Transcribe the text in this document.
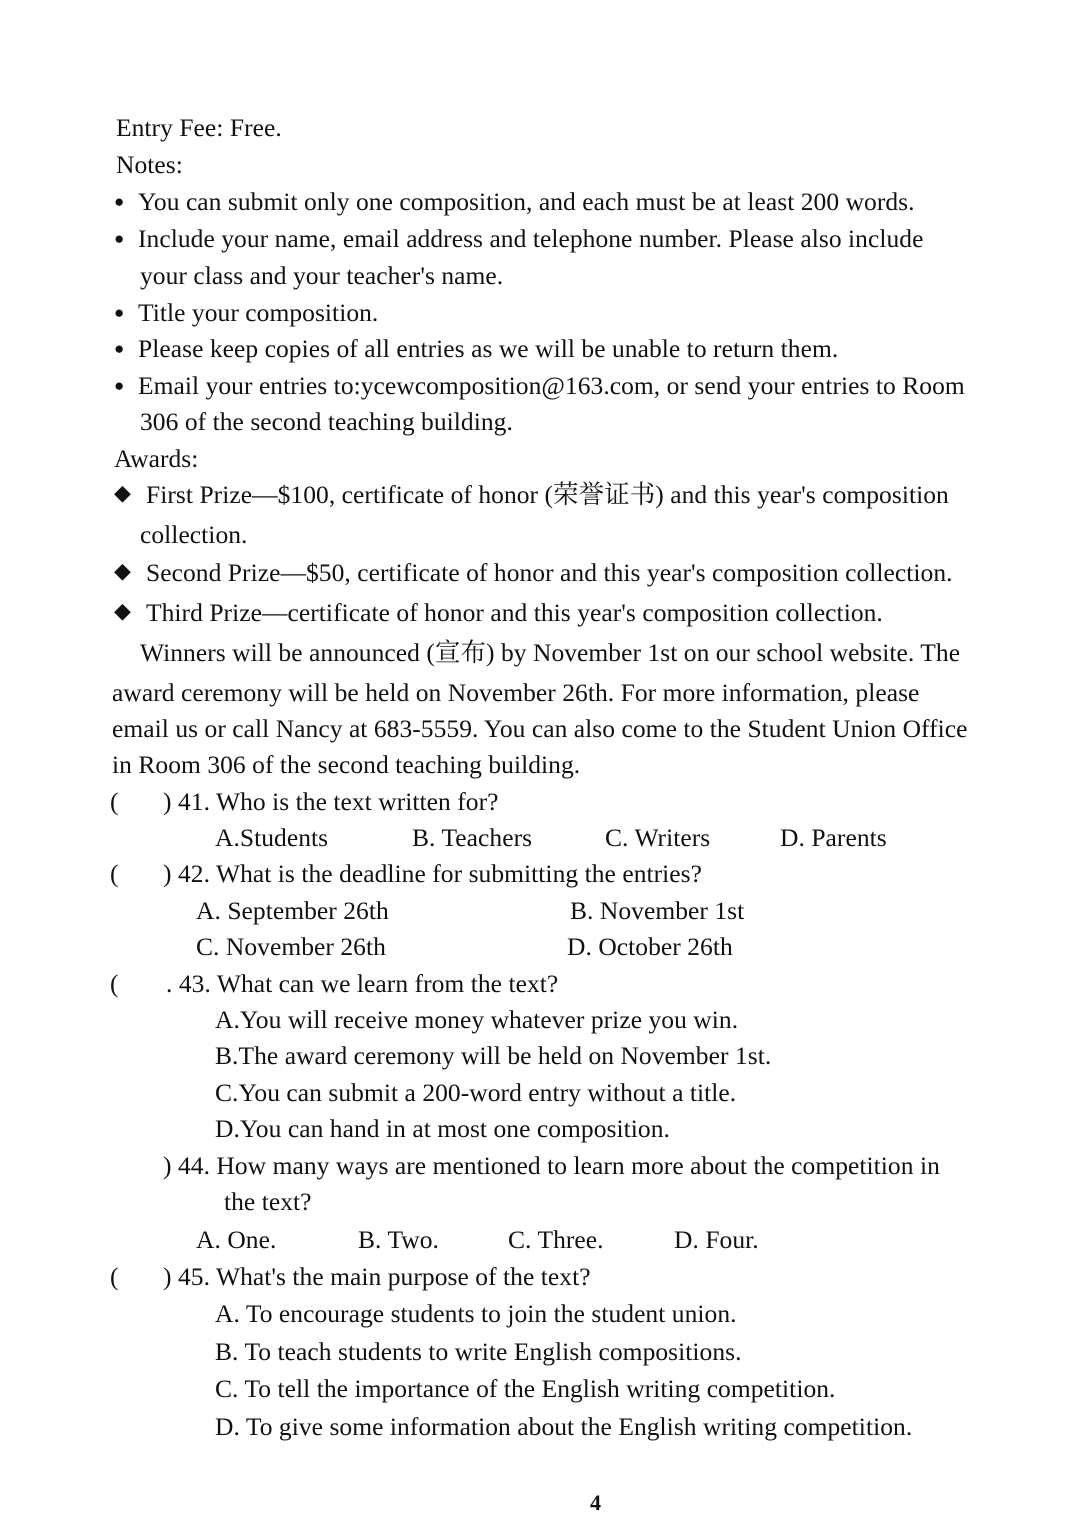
Entry Fee: Free.
Notes:
● You can submit only one composition, and each must be at least 200 words.
● Include your name, email address and telephone number. Please also include
your class and your teacher's name.
● Title your composition.
● Please keep copies of all entries as we will be unable to return them.
● Email your entries to:ycewcomposition@163.com, or send your entries to Room
306 of the second teaching building.
Awards:
◆ First Prize—$100, certificate of honor (荣誉证书) and this year's composition
collection.
◆ Second Prize—$50, certificate of honor and this year's composition collection.
◆ Third Prize—certificate of honor and this year's composition collection.
Winners will be announced (宣布) by November 1st on our school website. The
award ceremony will be held on November 26th. For more information, please
email us or call Nancy at 683-5559. You can also come to the Student Union Office
in Room 306 of the second teaching building.
( ) 41. Who is the text written for?
A.Students	B. Teachers	C. Writers	D. Parents
( ) 42. What is the deadline for submitting the entries?
A. September 26th	B. November 1st
C. November 26th	D. October 26th
( . 43. What can we learn from the text?
A.You will receive money whatever prize you win.
B.The award ceremony will be held on November 1st.
C.You can submit a 200-word entry without a title.
D.You can hand in at most one composition.
) 44. How many ways are mentioned to learn more about the competition in
the text?
A. One.	B. Two.	C. Three.	D. Four.
( ) 45. What's the main purpose of the text?
A. To encourage students to join the student union.
B. To teach students to write English compositions.
C. To tell the importance of the English writing competition.
D. To give some information about the English writing competition.
4
